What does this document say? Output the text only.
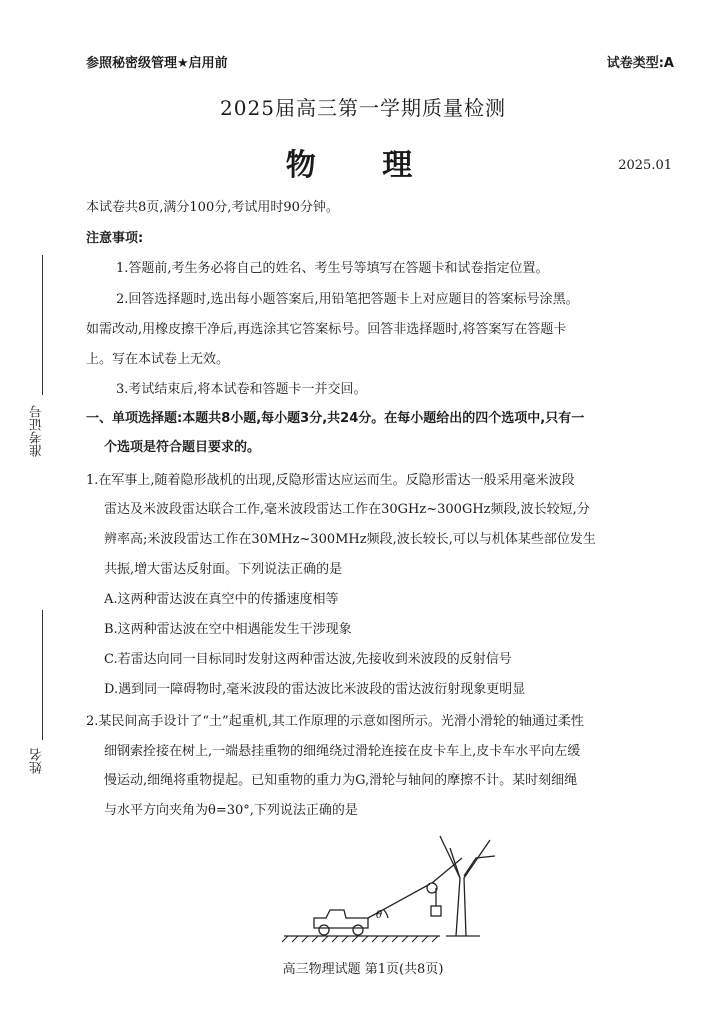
参照秘密级管理★启用前	试卷类型:A
2025届高三第一学期质量检测
物 理	2025.01
本试卷共8页,满分100分,考试用时90分钟。
注意事项:
1.答题前,考生务必将自己的姓名、考生号等填写在答题卡和试卷指定位置。
2.回答选择题时,选出每小题答案后,用铅笔把答题卡上对应题目的答案标号涂黑。
如需改动,用橡皮擦干净后,再选涂其它答案标号。回答非选择题时,将答案写在答题卡
上。写在本试卷上无效。
3.考试结束后,将本试卷和答题卡一并交回。
一、单项选择题:本题共8小题,每小题3分,共24分。在每小题给出的四个选项中,只有一
个选项是符合题目要求的。
1.在军事上,随着隐形战机的出现,反隐形雷达应运而生。反隐形雷达一般采用毫米波段
雷达及米波段雷达联合工作,毫米波段雷达工作在30GHz~300GHz频段,波长较短,分
辨率高;米波段雷达工作在30MHz~300MHz频段,波长较长,可以与机体某些部位发生
共振,增大雷达反射面。下列说法正确的是
A.这两种雷达波在真空中的传播速度相等
B.这两种雷达波在空中相遇能发生干涉现象
C.若雷达向同一目标同时发射这两种雷达波,先接收到米波段的反射信号
D.遇到同一障碍物时,毫米波段的雷达波比米波段的雷达波衍射现象更明显
2.某民间高手设计了“土”起重机,其工作原理的示意如图所示。光滑小滑轮的轴通过柔性
细钢索拴接在树上,一端悬挂重物的细绳绕过滑轮连接在皮卡车上,皮卡车水平向左缓
慢运动,细绳将重物提起。已知重物的重力为G,滑轮与轴间的摩擦不计。某时刻细绳
与水平方向夹角为θ=30°,下列说法正确的是
准考证号
姓名
θ
高三物理试题 第1页(共8页)
